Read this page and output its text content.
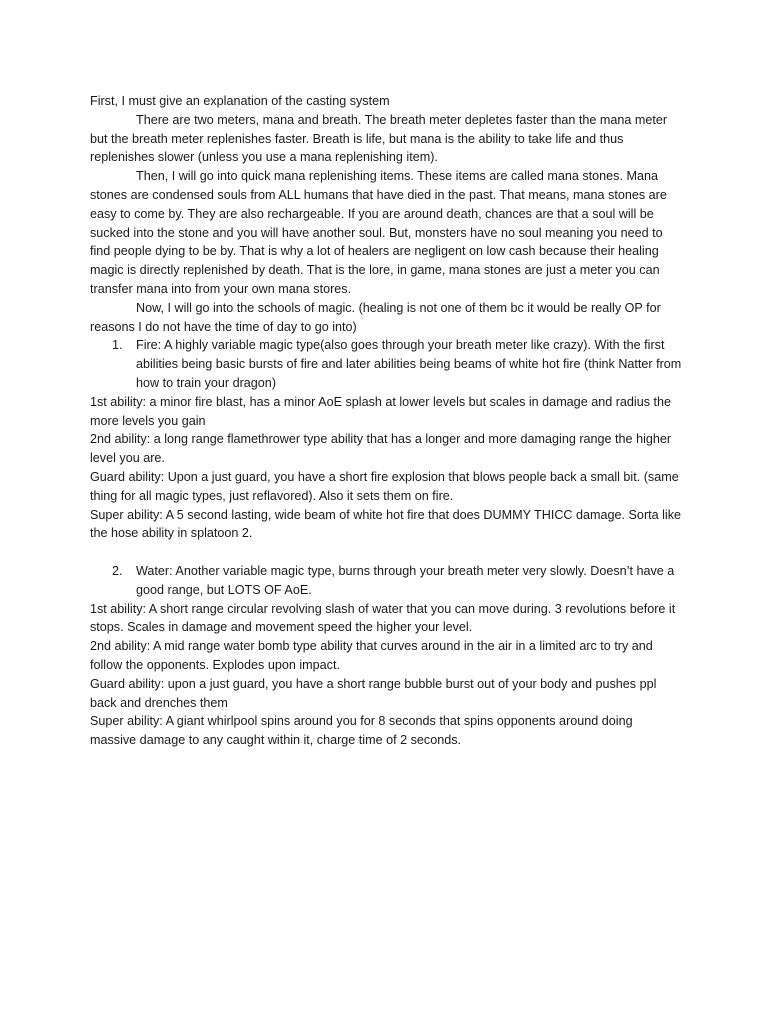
First, I must give an explanation of the casting system

There are two meters, mana and breath. The breath meter depletes faster than the mana meter but the breath meter replenishes faster. Breath is life, but mana is the ability to take life and thus replenishes slower (unless you use a mana replenishing item).

Then, I will go into quick mana replenishing items. These items are called mana stones. Mana stones are condensed souls from ALL humans that have died in the past. That means, mana stones are easy to come by. They are also rechargeable. If you are around death, chances are that a soul will be sucked into the stone and you will have another soul. But, monsters have no soul meaning you need to find people dying to be by. That is why a lot of healers are negligent on low cash because their healing magic is directly replenished by death. That is the lore, in game, mana stones are just a meter you can transfer mana into from your own mana stores.

Now, I will go into the schools of magic. (healing is not one of them bc it would be really OP for reasons I do not have the time of day to go into)

1. Fire: A highly variable magic type(also goes through your breath meter like crazy). With the first abilities being basic bursts of fire and later abilities being beams of white hot fire (think Natter from how to train your dragon)

1st ability: a minor fire blast, has a minor AoE splash at lower levels but scales in damage and radius the more levels you gain

2nd ability: a long range flamethrower type ability that has a longer and more damaging range the higher level you are.

Guard ability: Upon a just guard, you have a short fire explosion that blows people back a small bit. (same thing for all magic types, just reflavored). Also it sets them on fire.

Super ability: A 5 second lasting, wide beam of white hot fire that does DUMMY THICC damage. Sorta like the hose ability in splatoon 2.

2. Water: Another variable magic type, burns through your breath meter very slowly. Doesn’t have a good range, but LOTS OF AoE.

1st ability: A short range circular revolving slash of water that you can move during. 3 revolutions before it stops. Scales in damage and movement speed the higher your level.

2nd ability: A mid range water bomb type ability that curves around in the air in a limited arc to try and follow the opponents. Explodes upon impact.

Guard ability: upon a just guard, you have a short range bubble burst out of your body and pushes ppl back and drenches them

Super ability: A giant whirlpool spins around you for 8 seconds that spins opponents around doing massive damage to any caught within it, charge time of 2 seconds.
